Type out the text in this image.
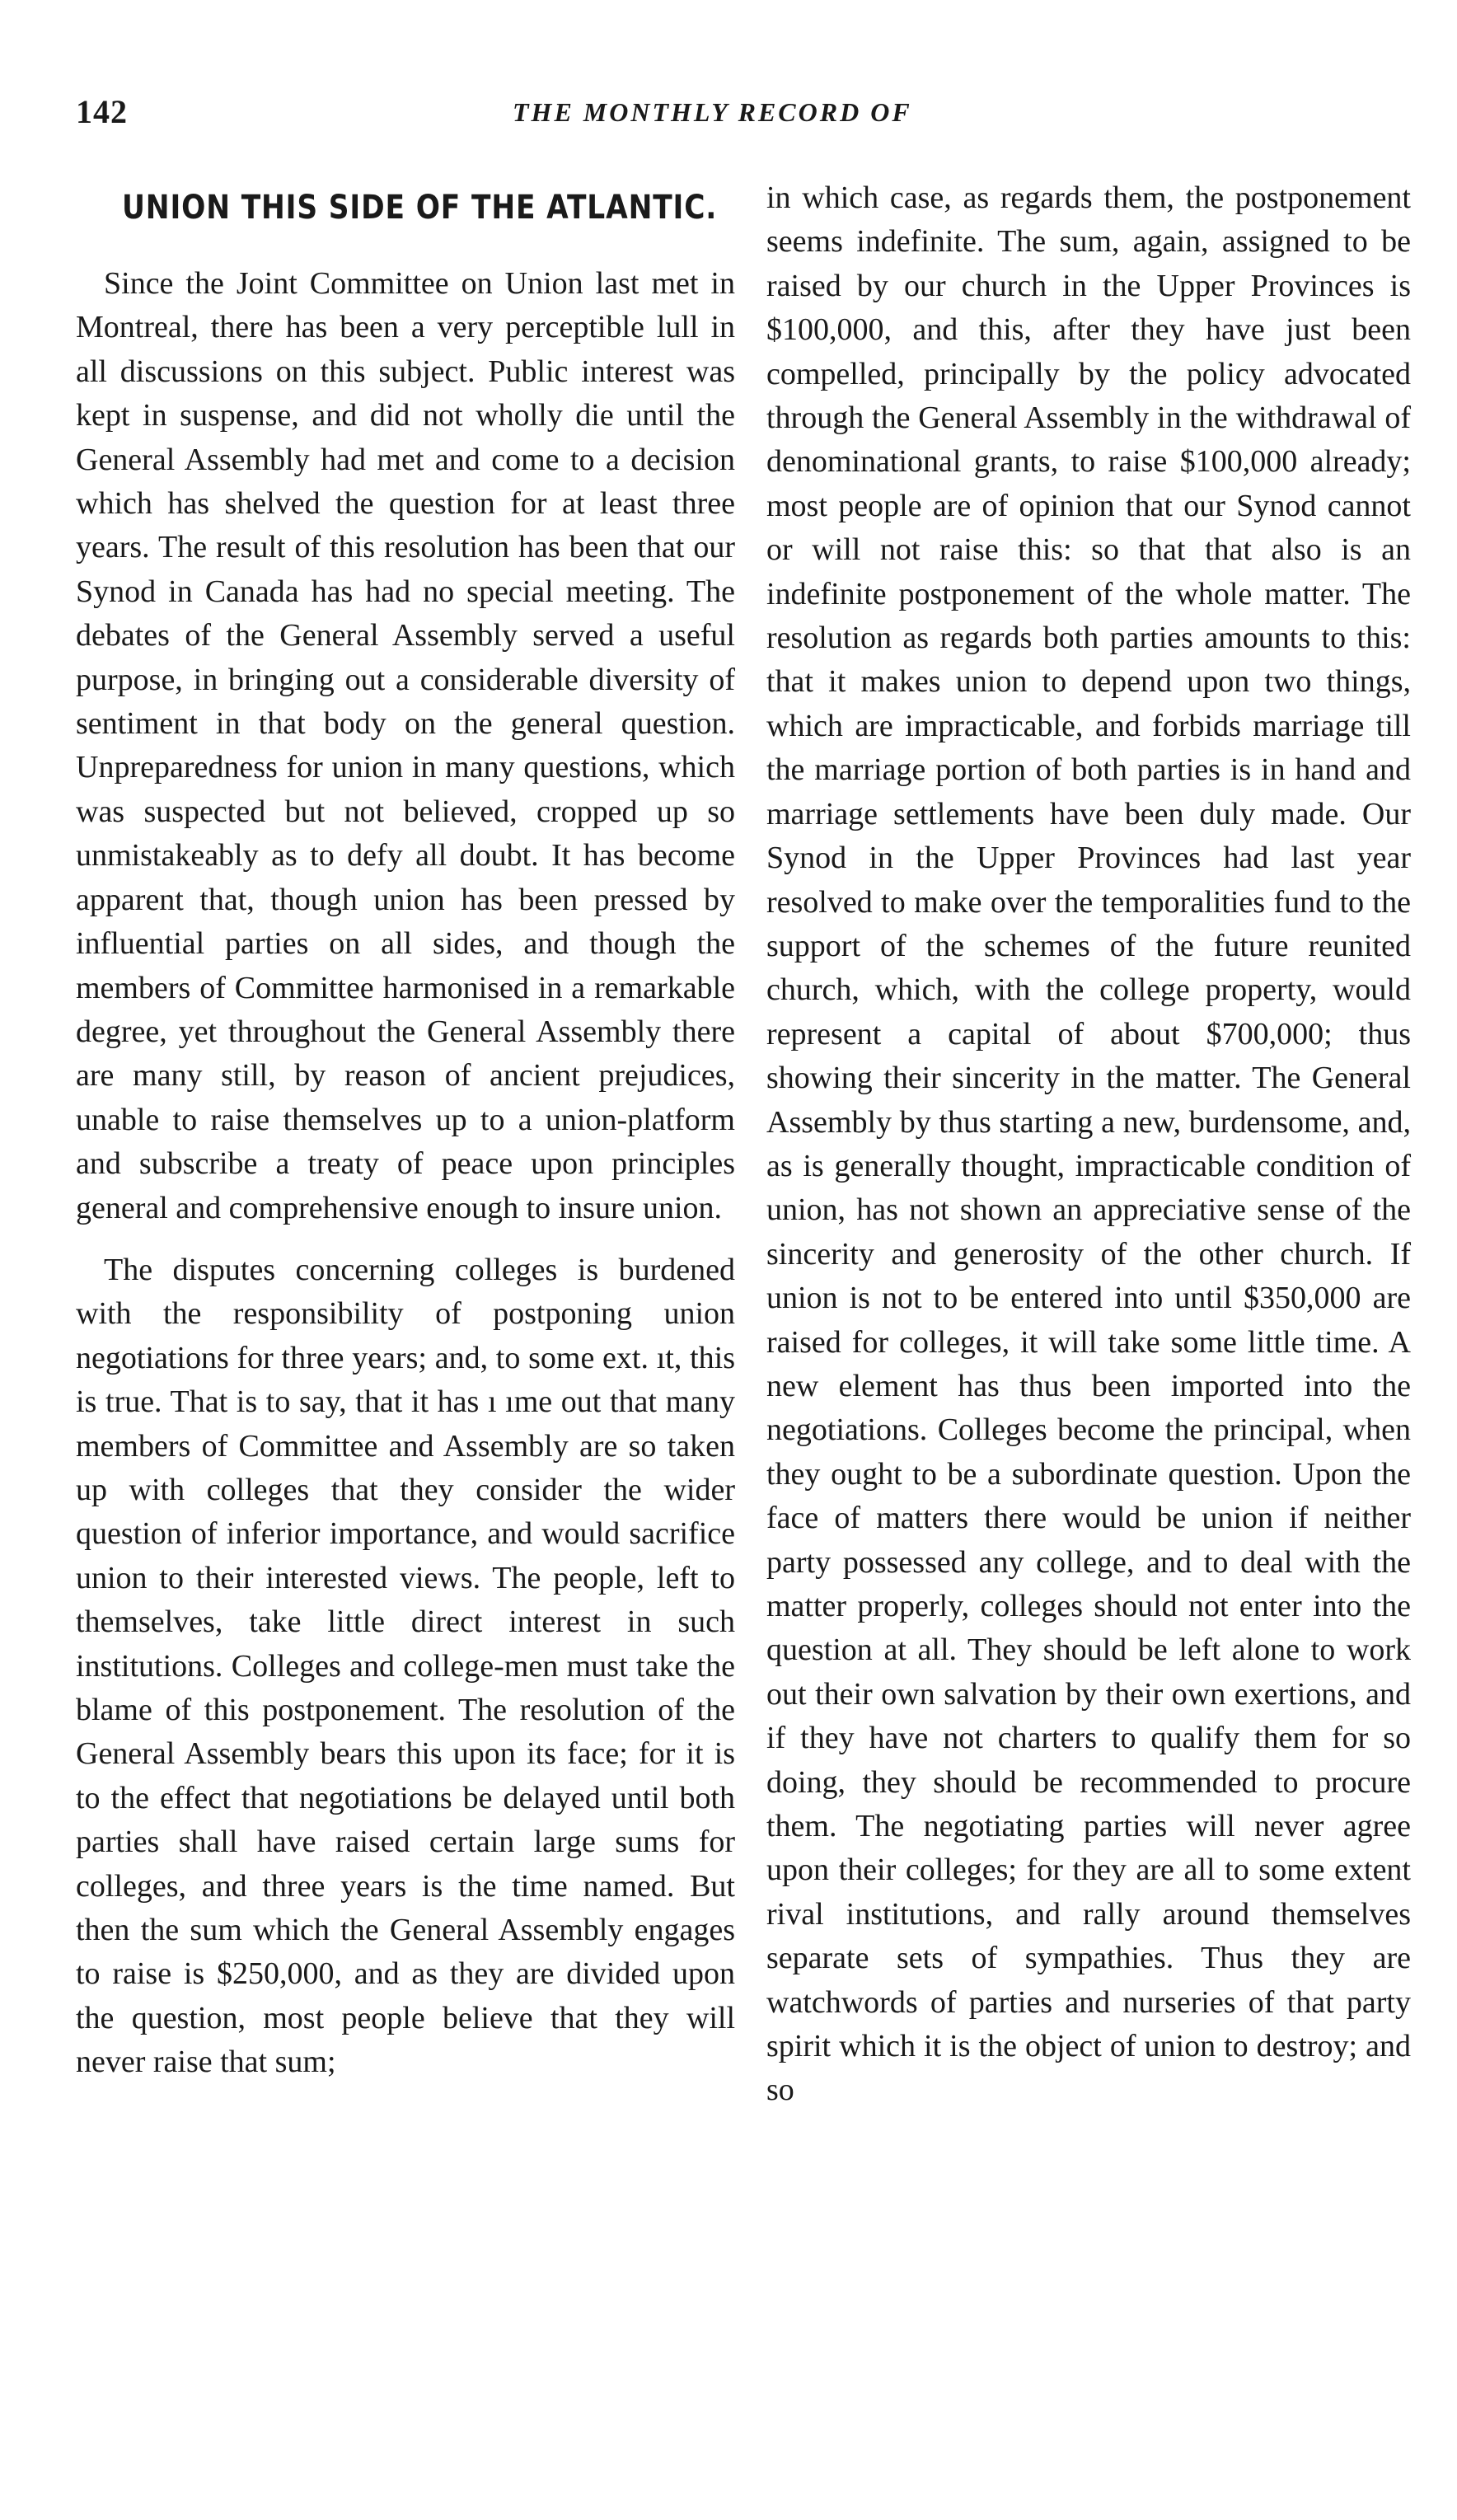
142	THE MONTHLY RECORD OF
UNION THIS SIDE OF THE ATLANTIC.

Since the Joint Committee on Union last met in Montreal, there has been a very perceptible lull in all discussions on this subject. Public interest was kept in suspense, and did not wholly die until the General Assembly had met and come to a decision which has shelved the question for at least three years. The result of this resolution has been that our Synod in Canada has had no special meeting. The debates of the General Assembly served a useful purpose, in bringing out a considerable diversity of sentiment in that body on the general question. Unpreparedness for union in many questions, which was suspected but not believed, cropped up so unmistakeably as to defy all doubt. It has become apparent that, though union has been pressed by influential parties on all sides, and though the members of Committee harmonised in a remarkable degree, yet throughout the General Assembly there are many still, by reason of ancient prejudices, unable to raise themselves up to a union-platform and subscribe a treaty of peace upon principles general and comprehensive enough to insure union.

The disputes concerning colleges is burdened with the responsibility of postponing union negotiations for three years; and, to some ext. ıt, this is true. That is to say, that it has ı ıme out that many members of Committee and Assembly are so taken up with colleges that they consider the wider question of inferior importance, and would sacrifice union to their interested views. The people, left to themselves, take little direct interest in such institutions. Colleges and college-men must take the blame of this postponement. The resolution of the General Assembly bears this upon its face; for it is to the effect that negotiations be delayed until both parties shall have raised certain large sums for colleges, and three years is the time named. But then the sum which the General Assembly engages to raise is $250,000, and as they are divided upon the question, most people believe that they will never raise that sum;

in which case, as regards them, the postponement seems indefinite. The sum, again, assigned to be raised by our church in the Upper Provinces is $100,000, and this, after they have just been compelled, principally by the policy advocated through the General Assembly in the withdrawal of denominational grants, to raise $100,000 already; most people are of opinion that our Synod cannot or will not raise this: so that that also is an indefinite postponement of the whole matter. The resolution as regards both parties amounts to this: that it makes union to depend upon two things, which are impracticable, and forbids marriage till the marriage portion of both parties is in hand and marriage settlements have been duly made. Our Synod in the Upper Provinces had last year resolved to make over the temporalities fund to the support of the schemes of the future reunited church, which, with the college property, would represent a capital of about $700,000; thus showing their sincerity in the matter. The General Assembly by thus starting a new, burdensome, and, as is generally thought, impracticable condition of union, has not shown an appreciative sense of the sincerity and generosity of the other church. If union is not to be entered into until $350,000 are raised for colleges, it will take some little time. A new element has thus been imported into the negotiations. Colleges become the principal, when they ought to be a subordinate question. Upon the face of matters there would be union if neither party possessed any college, and to deal with the matter properly, colleges should not enter into the question at all. They should be left alone to work out their own salvation by their own exertions, and if they have not charters to qualify them for so doing, they should be recommended to procure them. The negotiating parties will never agree upon their colleges; for they are all to some extent rival institutions, and rally around themselves separate sets of sympathies. Thus they are watchwords of parties and nurseries of that party spirit which it is the object of union to destroy; and so
